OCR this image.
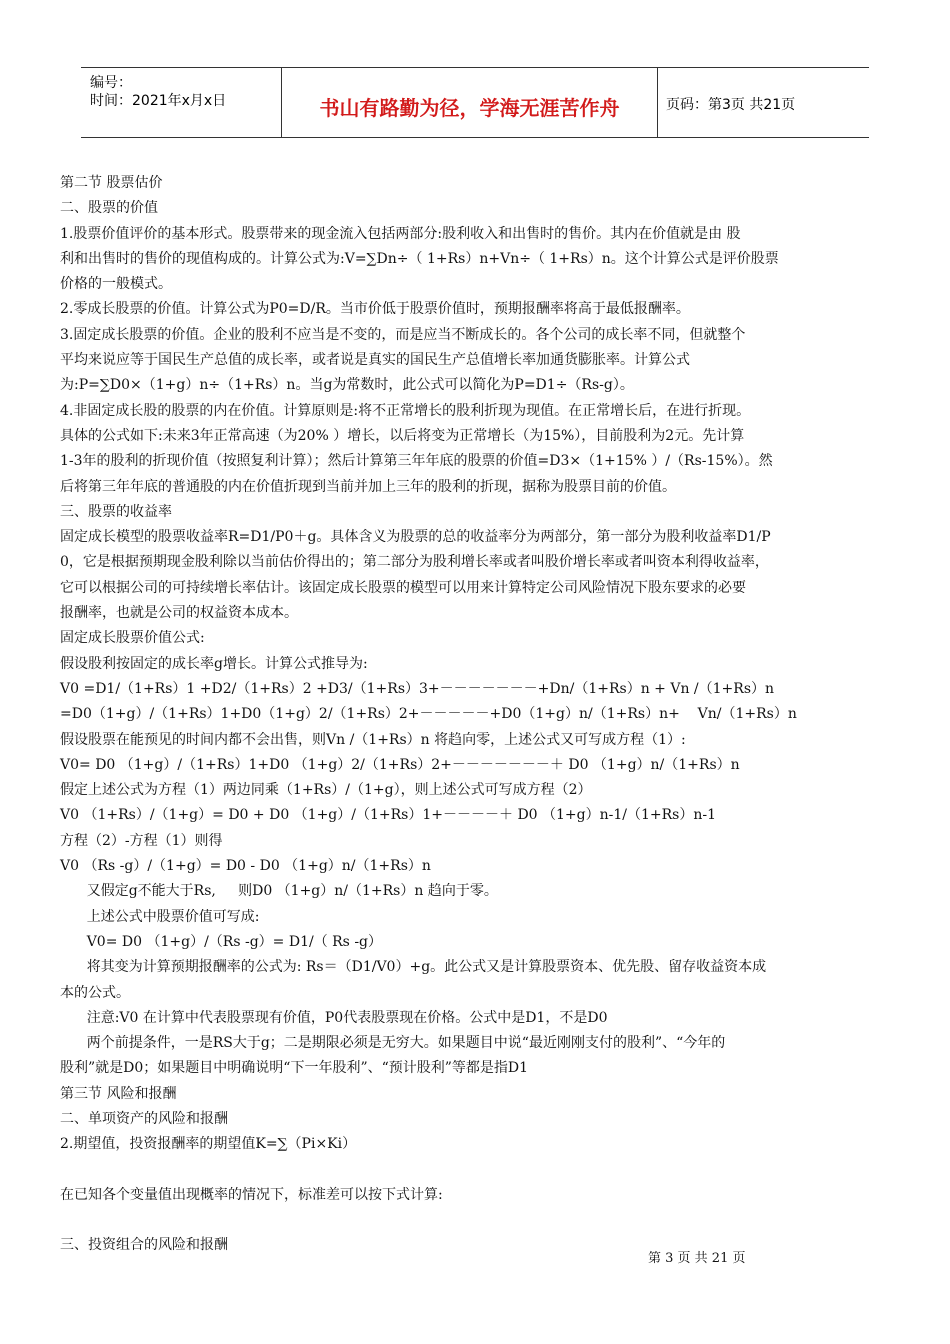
编号：
时间：2021年x月x日	书山有路勤为径，学海无涯苦作舟	页码：第3页 共21页

第二节 股票估价

二、股票的价值

1.股票价值评价的基本形式。股票带来的现金流入包括两部分:股利收入和出售时的售价。其内在价值就是由 股

利和出售时的售价的现值构成的。计算公式为:V=∑Dn÷（ 1+Rs）n+Vn÷（ 1+Rs）n。这个计算公式是评价股票

价格的一般模式。

2.零成长股票的价值。计算公式为P0=D/R。当市价低于股票价值时，预期报酬率将高于最低报酬率。

3.固定成长股票的价值。企业的股利不应当是不变的，而是应当不断成长的。各个公司的成长率不同，但就整个

平均来说应等于国民生产总值的成长率，或者说是真实的国民生产总值增长率加通货膨胀率。计算公式

为:P=∑D0×（1+g）n÷（1+Rs）n。当g为常数时，此公式可以简化为P=D1÷（Rs-g）。

4.非固定成长股的股票的内在价值。计算原则是:将不正常增长的股利折现为现值。在正常增长后，在进行折现。

具体的公式如下:未来3年正常高速（为20% ）增长，以后将变为正常增长（为15%），目前股利为2元。先计算

1-3年的股利的折现价值（按照复利计算）；然后计算第三年年底的股票的价值=D3×（1+15% ）/（Rs-15%）。然

后将第三年年底的普通股的内在价值折现到当前并加上三年的股利的折现，据称为股票目前的价值。

三、股票的收益率

固定成长模型的股票收益率R=D1/P0＋g。具体含义为股票的总的收益率分为两部分，第一部分为股利收益率D1/P

0，它是根据预期现金股利除以当前估价得出的；第二部分为股利增长率或者叫股价增长率或者叫资本利得收益率，

它可以根据公司的可持续增长率估计。该固定成长股票的模型可以用来计算特定公司风险情况下股东要求的必要

报酬率，也就是公司的权益资本成本。

固定成长股票价值公式:

假设股利按固定的成长率g增长。计算公式推导为:

V0 =D1/（1+Rs）1 +D2/（1+Rs）2 +D3/（1+Rs）3+－－－－－－－+Dn/（1+Rs）n + Vn /（1+Rs）n

=D0（1+g）/（1+Rs）1+D0（1+g）2/（1+Rs）2+－－－－－+D0（1+g）n/（1+Rs）n+    Vn/（1+Rs）n

假设股票在能预见的时间内都不会出售，则Vn /（1+Rs）n 将趋向零，上述公式又可写成方程（1）:

V0= D0 （1+g）/（1+Rs）1+D0 （1+g）2/（1+Rs）2+－－－－－－－＋ D0 （1+g）n/（1+Rs）n

假定上述公式为方程（1）两边同乘（1+Rs）/（1+g），则上述公式可写成方程（2）

V0 （1+Rs）/（1+g）= D0 + D0 （1+g）/（1+Rs）1+－－－－＋ D0 （1+g）n-1/（1+Rs）n-1

方程（2）-方程（1）则得

V0 （Rs -g）/（1+g）= D0 - D0 （1+g）n/（1+Rs）n

又假定g不能大于Rs,     则D0 （1+g）n/（1+Rs）n 趋向于零。

上述公式中股票价值可写成:

V0= D0 （1+g）/（Rs -g）= D1/（ Rs -g）

将其变为计算预期报酬率的公式为: Rs＝（D1/V0）+g。此公式又是计算股票资本、优先股、留存收益资本成

本的公式。

注意:V0 在计算中代表股票现有价值，P0代表股票现在价格。公式中是D1，不是D0

两个前提条件，一是RS大于g；二是期限必须是无穷大。如果题目中说“最近刚刚支付的股利”、“今年的

股利”就是D0；如果题目中明确说明“下一年股利”、“预计股利”等都是指D1

第三节 风险和报酬

二、单项资产的风险和报酬

2.期望值，投资报酬率的期望值K=∑（Pi×Ki）

在已知各个变量值出现概率的情况下，标准差可以按下式计算:

三、投资组合的风险和报酬

第 3 页 共 21 页
